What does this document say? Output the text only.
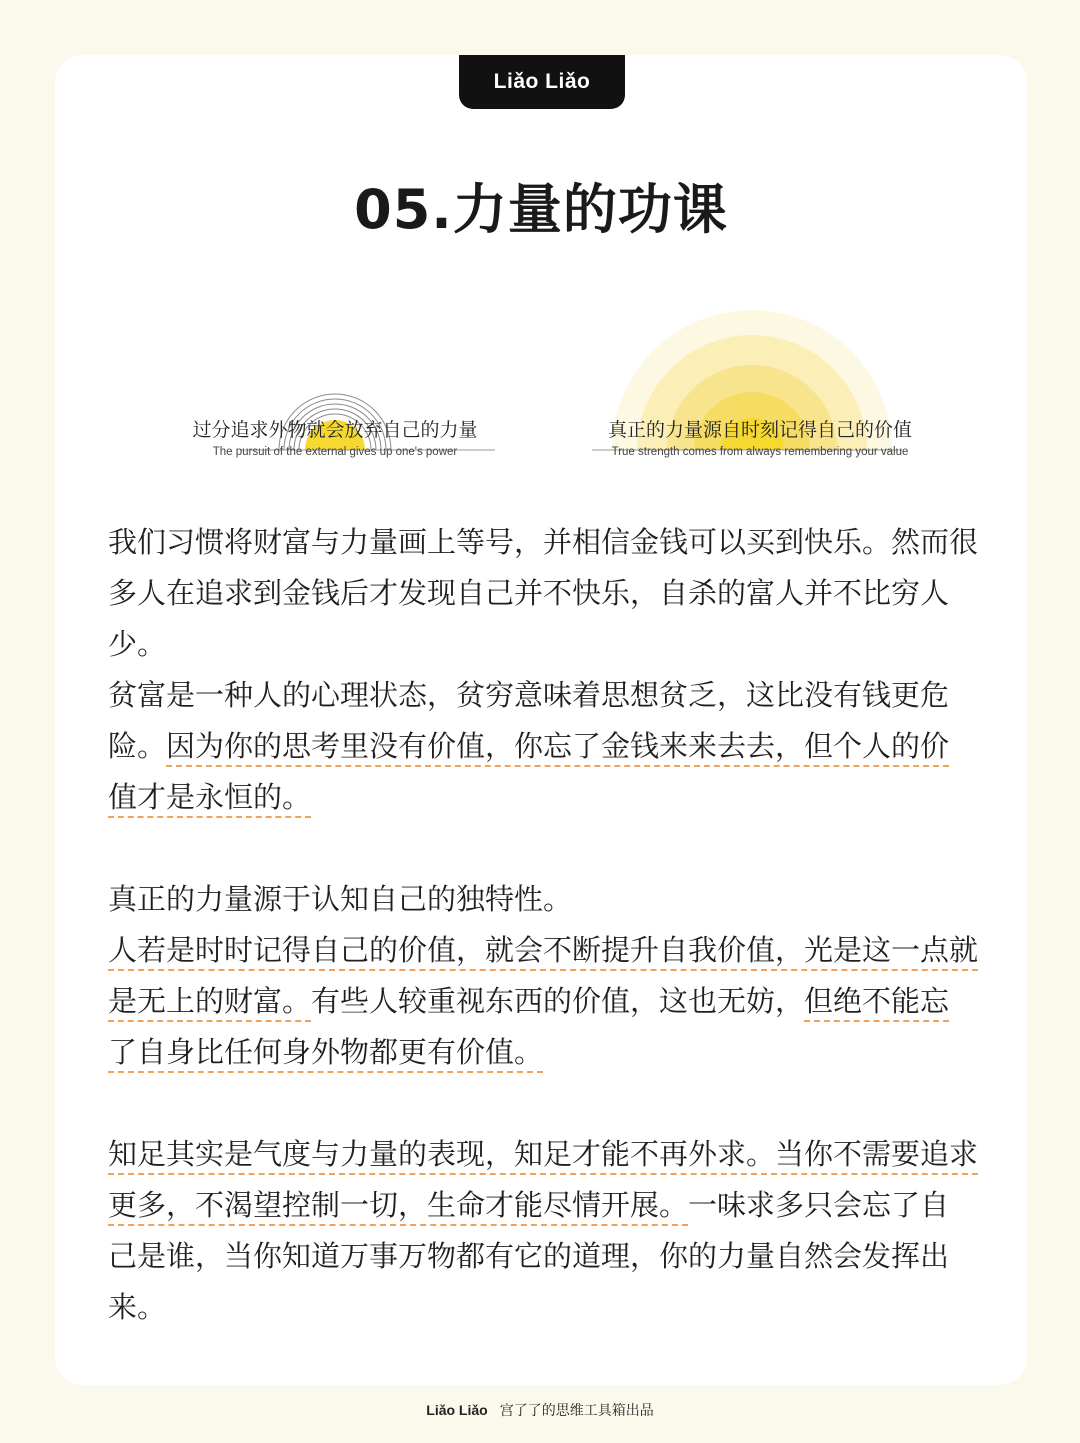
Liǎo Liǎo
05.力量的功课
过分追求外物就会放弃自己的力量
The pursuit of the external gives up one's power
真正的力量源自时刻记得自己的价值
True strength comes from always remembering your value

我们习惯将财富与力量画上等号，并相信金钱可以买到快乐。然而很多人在追求到金钱后才发现自己并不快乐，自杀的富人并不比穷人少。

贫富是一种人的心理状态，贫穷意味着思想贫乏，这比没有钱更危险。因为你的思考里没有价值，你忘了金钱来来去去，但个人的价值才是永恒的。

真正的力量源于认知自己的独特性。

人若是时时记得自己的价值，就会不断提升自我价值，光是这一点就是无上的财富。有些人较重视东西的价值，这也无妨，但绝不能忘了自身比任何身外物都更有价值。

知足其实是气度与力量的表现，知足才能不再外求。当你不需要追求更多，不渴望控制一切，生命才能尽情开展。一味求多只会忘了自己是谁，当你知道万事万物都有它的道理，你的力量自然会发挥出来。

Liǎo Liǎo 宫了了的思维工具箱出品
